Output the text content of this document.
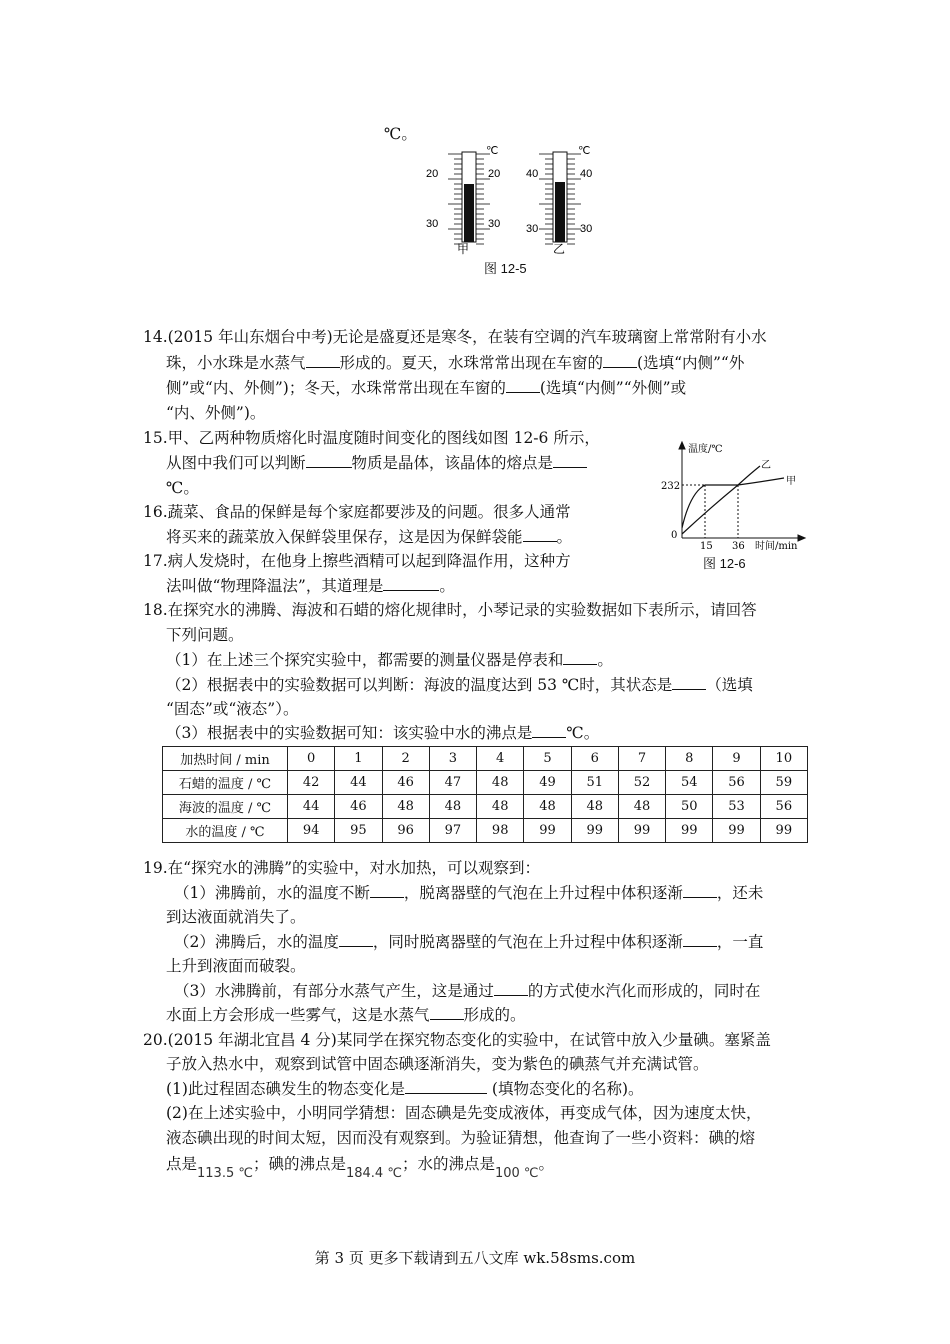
℃。
℃
20
30
20
30
甲
℃
40
30
40
30
乙
图 12-5
14.(2015 年山东烟台中考)无论是盛夏还是寒冬，在装有空调的汽车玻璃窗上常常附有小水
珠，小水珠是水蒸气 形成的。夏天，水珠常常出现在车窗的 (选填“内侧”“外
侧”或“内、外侧”)；冬天，水珠常常出现在车窗的 (选填“内侧”“外侧”或
“内、外侧”)。
15.甲、乙两种物质熔化时温度随时间变化的图线如图 12-6 所示，
从图中我们可以判断	物质是晶体，该晶体的熔点是
℃。
16.蔬菜、食品的保鲜是每个家庭都要涉及的问题。很多人通常
将买来的蔬菜放入保鲜袋里保存，这是因为保鲜袋能 。
17.病人发烧时，在他身上擦些酒精可以起到降温作用，这种方
法叫做“物理降温法”，其道理是	。
温度/℃
乙
甲
232
0
15 36 时间/min
图 12-6
18.在探究水的沸腾、海波和石蜡的熔化规律时，小琴记录的实验数据如下表所示，请回答
下列问题。
（1）在上述三个探究实验中，都需要的测量仪器是停表和 。
（2）根据表中的实验数据可以判断：海波的温度达到 53 ℃时，其状态是 （选填
“固态”或“液态”）。
（3）根据表中的实验数据可知：该实验中水的沸点是 ℃。
加热时间 / min	0	1	2	3	4	5	6	7	8	9	10
石蜡的温度 / ℃	42	44	46	47	48	49	51	52	54	56	59
海波的温度 / ℃	44	46	48	48	48	48	48	48	50	53	56
水的温度 / ℃	94	95	96	97	98	99	99	99	99	99	99
19.在“探究水的沸腾”的实验中，对水加热，可以观察到：
（1）沸腾前，水的温度不断 ，脱离器壁的气泡在上升过程中体积逐渐 ，还未
到达液面就消失了。
（2）沸腾后，水的温度 ，同时脱离器壁的气泡在上升过程中体积逐渐 ，一直
上升到液面而破裂。
（3）水沸腾前，有部分水蒸气产生，这是通过 的方式使水汽化而形成的，同时在
水面上方会形成一些雾气，这是水蒸气 形成的。
20.(2015 年湖北宜昌 4 分)某同学在探究物态变化的实验中，在试管中放入少量碘。塞紧盖
子放入热水中，观察到试管中固态碘逐渐消失，变为紫色的碘蒸气并充满试管。
(1)此过程固态碘发生的物态变化是	(填物态变化的名称)。
(2)在上述实验中，小明同学猜想：固态碘是先变成液体，再变成气体，因为速度太快，
液态碘出现的时间太短，因而没有观察到。为验证猜想，他查询了一些小资料：碘的熔
点是$_{113.5 ℃}$；碘的沸点是$_{184.4 ℃}$；水的沸点是$_{100 ℃}$。
第 3 页 更多下载请到五八文库 wk.58sms.com
